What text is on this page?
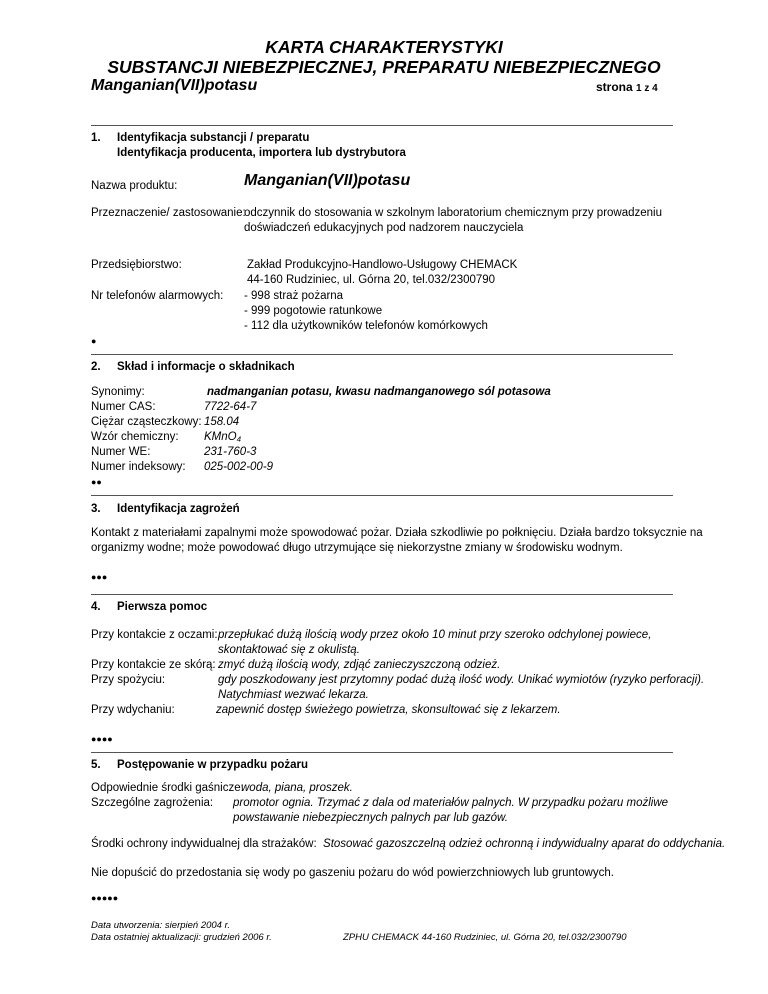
KARTA CHARAKTERYSTYKI
SUBSTANCJI NIEBEZPIECZNEJ, PREPARATU NIEBEZPIECZNEGO
Manganian(VII)potasu	strona 1 z 4
1. Identyfikacja substancji / preparatu
Identyfikacja producenta, importera lub dystrybutora
Nazwa produktu:	Manganian(VII)potasu
Przeznaczenie/ zastosowanie:
odczynnik do stosowania w szkolnym laboratorium chemicznym przy prowadzeniu
doświadczeń edukacyjnych pod nadzorem nauczyciela
Przedsiębiorstwo:	Zakład Produkcyjno-Handlowo-Usługowy CHEMACK
44-160 Rudziniec, ul. Górna 20, tel.032/2300790
Nr telefonów alarmowych: - 998 straż pożarna
- 999 pogotowie ratunkowe
- 112 dla użytkowników telefonów komórkowych
●
2. Skład i informacje o składnikach
Synonimy:	nadmanganian potasu, kwasu nadmanganowego sól potasowa
Numer CAS:	7722-64-7
Ciężar cząsteczkowy: 158.04
Wzór chemiczny: KMnO₄
Numer WE:	231-760-3
Numer indeksowy: 025-002-00-9
●●
3. Identyfikacja zagrożeń
Kontakt z materiałami zapalnymi może spowodować pożar. Działa szkodliwie po połknięciu. Działa bardzo toksycznie na
organizmy wodne; może powodować długo utrzymujące się niekorzystne zmiany w środowisku wodnym.
●●●
4. Pierwsza pomoc
Przy kontakcie z oczami: przepłukać dużą ilością wody przez około 10 minut przy szeroko odchylonej powiece,
skontaktować się z okulistą.
Przy kontakcie ze skórą: zmyć dużą ilością wody, zdjąć zanieczyszczoną odzież.
Przy spożyciu:	gdy poszkodowany jest przytomny podać dużą ilość wody. Unikać wymiotów (ryzyko perforacji).
Natychmiast wezwać lekarza.
Przy wdychaniu:	zapewnić dostęp świeżego powietrza, skonsultować się z lekarzem.
●●●●
5. Postępowanie w przypadku pożaru
Odpowiednie środki gaśnicze:
woda, piana, proszek.
Szczególne zagrożenia: promotor ognia. Trzymać z dala od materiałów palnych. W przypadku pożaru możliwe
powstawanie niebezpiecznych palnych par lub gazów.
Środki ochrony indywidualnej dla strażaków: Stosować gazoszczelną odzież ochronną i indywidualny aparat do oddychania.
Nie dopuścić do przedostania się wody po gaszeniu pożaru do wód powierzchniowych lub gruntowych.
●●●●●
Data utworzenia: sierpień 2004 r.
Data ostatniej aktualizacji: grudzień 2006 r.	ZPHU CHEMACK 44-160 Rudziniec, ul. Górna 20, tel.032/2300790
